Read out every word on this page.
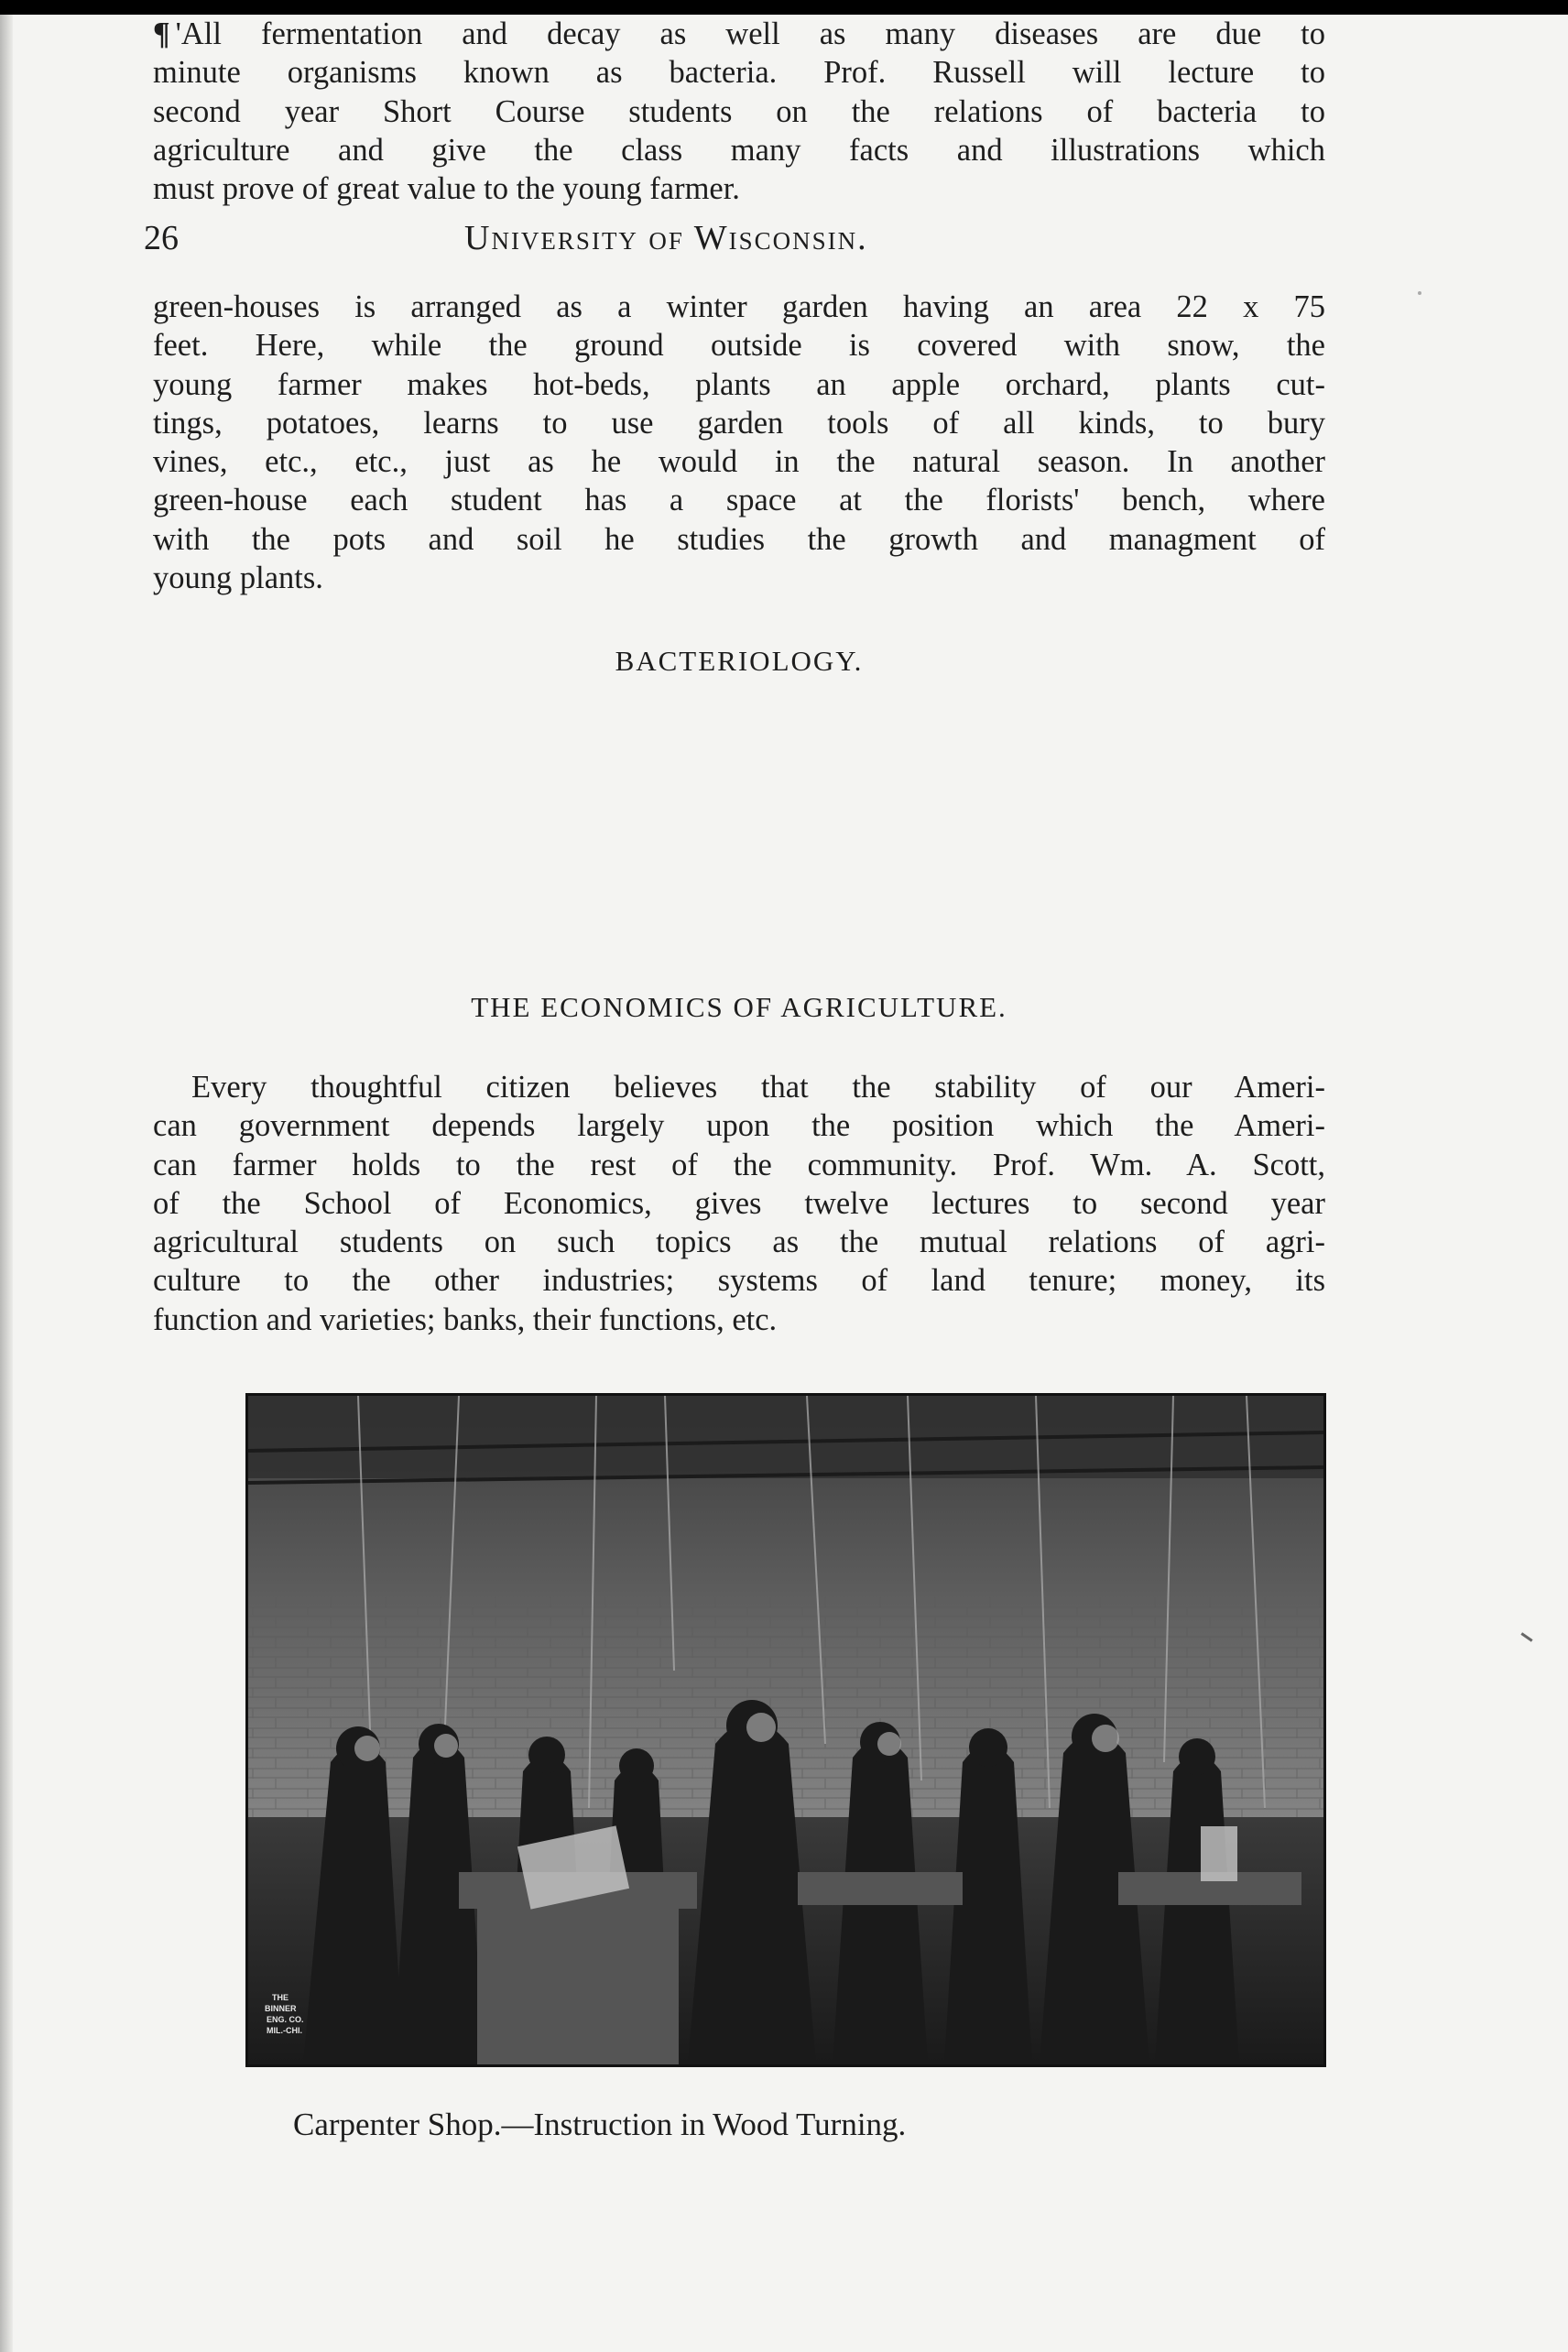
26	University of Wisconsin.

green-houses is arranged as a winter garden having an area 22 x 75
feet. Here, while the ground outside is covered with snow, the
young farmer makes hot-beds, plants an apple orchard, plants cut-
tings, potatoes, learns to use garden tools of all kinds, to bury
vines, etc., etc., just as he would in the natural season. In another
green-house each student has a space at the florists' bench, where
with the pots and soil he studies the growth and managment of
young plants.

BACTERIOLOGY.

¶ 'All fermentation and decay as well as many diseases are due to
minute organisms known as bacteria. Prof. Russell will lecture to
second year Short Course students on the relations of bacteria to
agriculture and give the class many facts and illustrations which
must prove of great value to the young farmer.

THE ECONOMICS OF AGRICULTURE.

Every thoughtful citizen believes that the stability of our Ameri-
can government depends largely upon the position which the Ameri-
can farmer holds to the rest of the community. Prof. Wm. A. Scott,
of the School of Economics, gives twelve lectures to second year
agricultural students on such topics as the mutual relations of agri-
culture to the other industries; systems of land tenure; money, its
function and varieties; banks, their functions, etc.

THE
BINNER
ENG. CO.
MIL.-CHI.
Carpenter Shop.—Instruction in Wood Turning.
